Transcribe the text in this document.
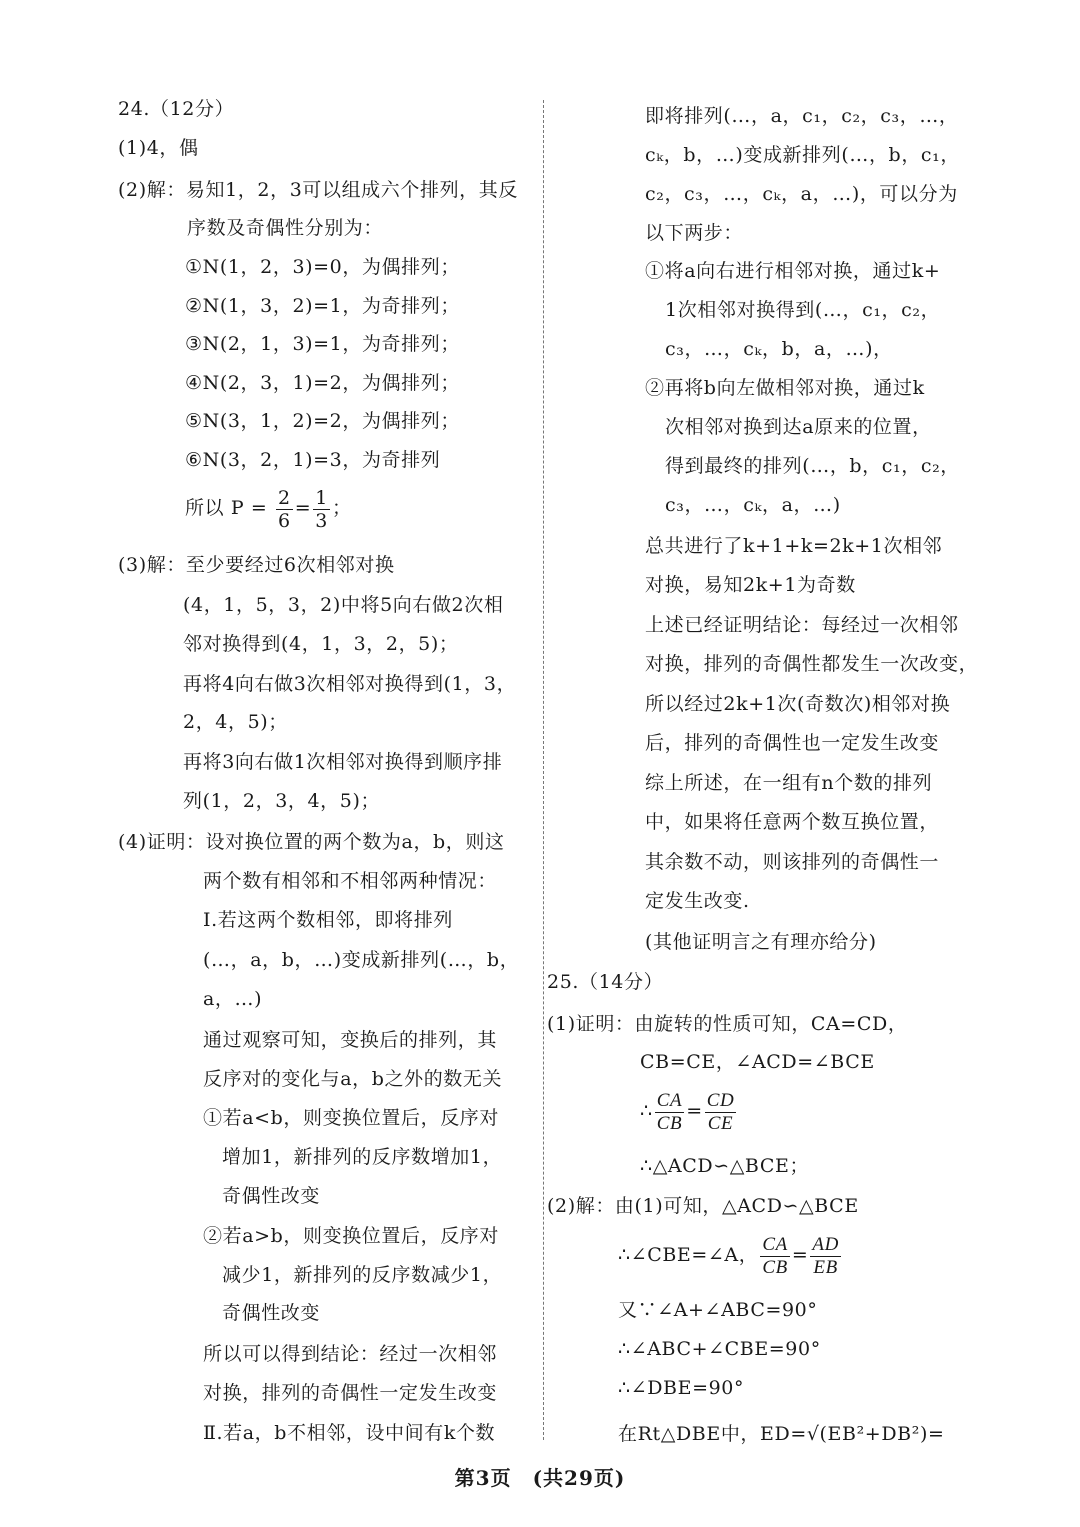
24.（12分）
(1)4，偶
(2)解：易知1，2，3可以组成六个排列，其反
序数及奇偶性分别为：
①N(1，2，3)=0，为偶排列；
②N(1，3，2)=1，为奇排列；
③N(2，1，3)=1，为奇排列；
④N(2，3，1)=2，为偶排列；
⑤N(3，1，2)=2，为偶排列；
⑥N(3，2，1)=3，为奇排列
所以 $P = \frac{2}{6} = \frac{1}{3}$ ；
(3)解：至少要经过6次相邻对换
(4，1，5，3，2)中将5向右做2次相
邻对换得到(4，1，3，2，5)；
再将4向右做3次相邻对换得到(1，3，
2，4，5)；
再将3向右做1次相邻对换得到顺序排
列(1，2，3，4，5)；
(4)证明：设对换位置的两个数为a，b，则这
两个数有相邻和不相邻两种情况：
Ⅰ.若这两个数相邻，即将排列
(…，a，b，…)变成新排列(…，b，
a，…)
通过观察可知，变换后的排列，其
反序对的变化与a，b之外的数无关
①若a<b，则变换位置后，反序对
增加1，新排列的反序数增加1，
奇偶性改变
②若a>b，则变换位置后，反序对
减少1，新排列的反序数减少1，
奇偶性改变
所以可以得到结论：经过一次相邻
对换，排列的奇偶性一定发生改变
Ⅱ.若a，b不相邻，设中间有k个数
即将排列(…，a，c₁，c₂，c₃，…，
cₖ，b，…)变成新排列(…，b，c₁，
c₂，c₃，…，cₖ，a，…)，可以分为
以下两步：
①将a向右进行相邻对换，通过k+
1次相邻对换得到(…，c₁，c₂，
c₃，…，cₖ，b，a，…)，
②再将b向左做相邻对换，通过k
次相邻对换到达a原来的位置，
得到最终的排列(…，b，c₁，c₂，
c₃，…，cₖ，a，…)
总共进行了k+1+k=2k+1次相邻
对换，易知2k+1为奇数
上述已经证明结论：每经过一次相邻
对换，排列的奇偶性都发生一次改变，
所以经过2k+1次(奇数次)相邻对换
后，排列的奇偶性也一定发生改变
综上所述，在一组有n个数的排列
中，如果将任意两个数互换位置，
其余数不动，则该排列的奇偶性一
定发生改变.
(其他证明言之有理亦给分)
25.（14分）
(1)证明：由旋转的性质可知，CA=CD，
CB=CE，∠ACD=∠BCE
∴ $\frac{CA}{CB} = \frac{CD}{CE}$
∴△ACD∽△BCE；
(2)解：由(1)可知，△ACD∽△BCE
∴∠CBE=∠A， $\frac{CA}{CB} = \frac{AD}{EB}$
又∵∠A+∠ABC=90°
∴∠ABC+∠CBE=90°
∴∠DBE=90°
在Rt△DBE中，ED=√(EB²+DB²)=
第3页　(共29页)
